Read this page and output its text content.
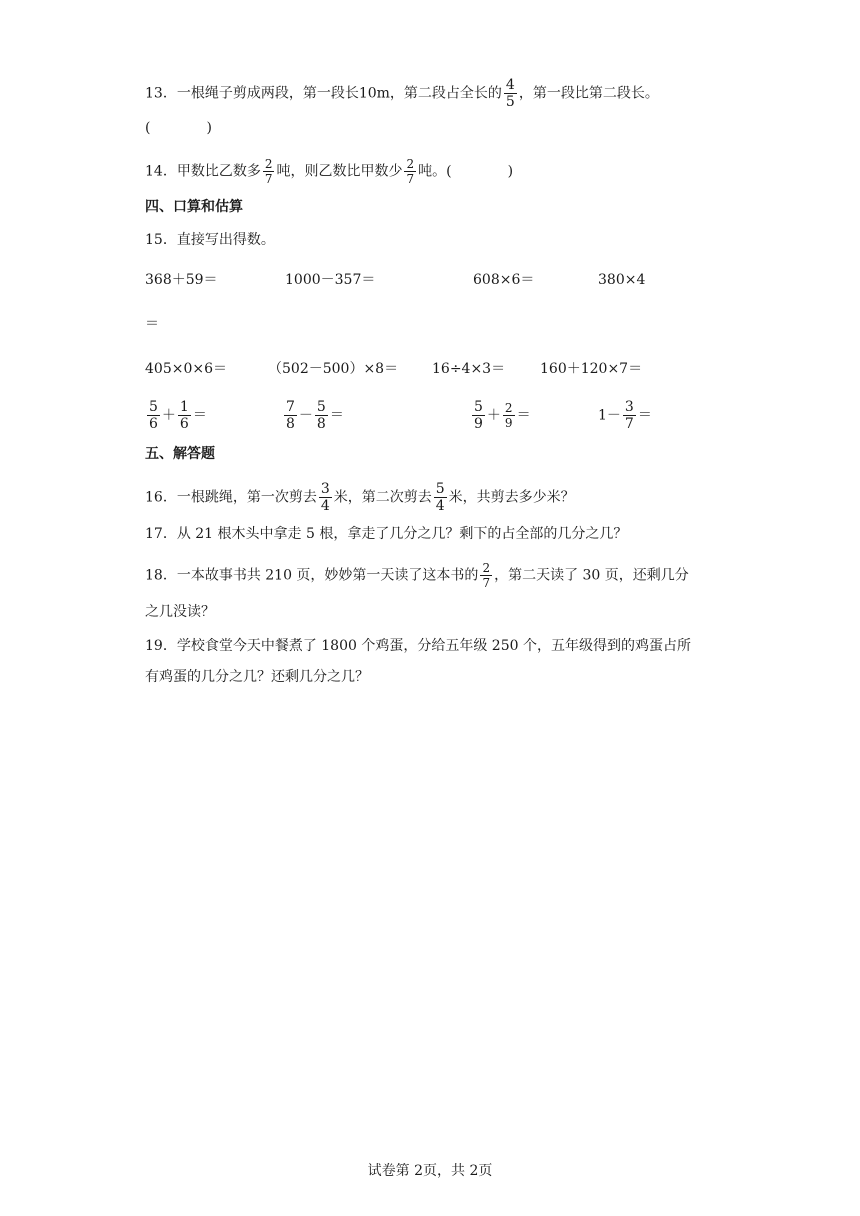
13．一根绳子剪成两段，第一段长10m，第二段占全长的 $\frac{4}{5}$ ，第一段比第二段长。
(　　　　)
14．甲数比乙数多 $\frac{2}{7}$ 吨，则乙数比甲数少 $\frac{2}{7}$ 吨。(　　　　)
四、口算和估算
15．直接写出得数。
368＋59＝	1000－357＝	608×6＝	380×4
＝
405×0×6＝	（502－500）×8＝ 16÷4×3＝ 160＋120×7＝
$\frac{5}{6} + \frac{1}{6}$ ＝	$\frac{7}{8} - \frac{5}{8}$ ＝	$\frac{5}{9} + \frac{2}{9}$ ＝	$1- \frac{3}{7}$ ＝
五、解答题
16．一根跳绳，第一次剪去 $\frac{3}{4}$ 米，第二次剪去 $\frac{5}{4}$ 米，共剪去多少米？
17．从 21 根木头中拿走 5 根，拿走了几分之几？剩下的占全部的几分之几？
18．一本故事书共 210 页，妙妙第一天读了这本书的 $\frac{2}{7}$ ，第二天读了 30 页，还剩几分
之几没读？
19．学校食堂今天中餐煮了 1800 个鸡蛋，分给五年级 250 个，五年级得到的鸡蛋占所
有鸡蛋的几分之几？还剩几分之几？
试卷第 2页，共 2页
